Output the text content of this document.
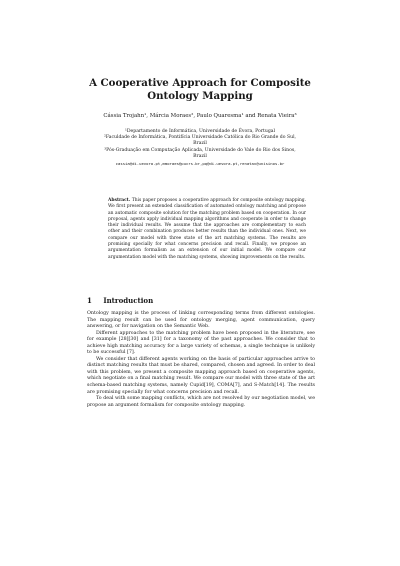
A Cooperative Approach for Composite
Ontology Mapping
Cássia Trojahn¹, Márcia Moraes², Paulo Quaresma¹ and Renata Vieira³
¹Departamento de Informática, Universidade de Évora, Portugal
²Faculdade de Informática, Pontifícia Universidade Católica do Rio Grande do Sul, Brazil
³Pós-Graduação em Computação Aplicada, Universidade do Vale do Rio dos Sinos, Brazil
cassia@di.uevora.pt,mmoraes@pucrs.br,pq@di.uevora.pt,renatav@unisinos.br
Abstract. This paper proposes a cooperative approach for composite ontology mapping. We first present an extended classification of automated ontology matching and propose an automatic composite solution for the matching problem based on cooperation. In our proposal, agents apply individual mapping algorithms and cooperate in order to change their individual results. We assume that the approaches are complementary to each other and their combination produces better results than the individual ones. Next, we compare our model with three state of the art matching systems. The results are promising specially for what concerns precision and recall. Finally, we propose an argumentation formalism as an extension of our initial model. We compare our argumentation model with the matching systems, showing improvements on the results.
1 Introduction

Ontology mapping is the process of linking corresponding terms from different ontologies. The mapping result can be used for ontology merging, agent communication, query answering, or for navigation on the Semantic Web.

Different approaches to the matching problem have been proposed in the literature, see for example [28][30] and [31] for a taxonomy of the past approaches. We consider that to achieve high matching accuracy for a large variety of schemas, a single technique is unlikely to be successful [7].

We consider that different agents working on the basis of particular approaches arrive to distinct matching results that must be shared, compared, chosen and agreed. In order to deal with this problem, we present a composite mapping approach based on cooperative agents, which negotiate on a final matching result. We compare our model with three state of the art schema-based matching systems, namely Cupid[19], COMA[7], and S-Match[14]. The results are promising specially for what concerns precision and recall.

To deal with some mapping conflicts, which are not resolved by our negotiation model, we propose an argument formalism for composite ontology mapping.
